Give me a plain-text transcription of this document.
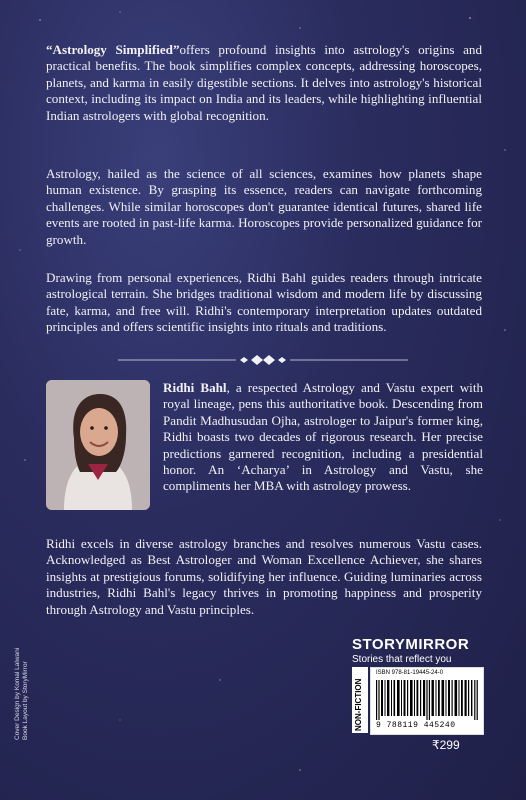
“Astrology Simplified”offers profound insights into astrology's origins and practical benefits. The book simplifies complex concepts, addressing horoscopes, planets, and karma in easily digestible sections. It delves into astrology's historical context, including its impact on India and its leaders, while highlighting influential Indian astrologers with global recognition.

Astrology, hailed as the science of all sciences, examines how planets shape human existence. By grasping its essence, readers can navigate forthcoming challenges. While similar horoscopes don't guarantee identical futures, shared life events are rooted in past-life karma. Horoscopes provide personalized guidance for growth.

Drawing from personal experiences, Ridhi Bahl guides readers through intricate astrological terrain. She bridges traditional wisdom and modern life by discussing fate, karma, and free will. Ridhi's contemporary interpretation updates outdated principles and offers scientific insights into rituals and traditions.

Ridhi Bahl, a respected Astrology and Vastu expert with royal lineage, pens this authoritative book. Descending from Pandit Madhusudan Ojha, astrologer to Jaipur's former king, Ridhi boasts two decades of rigorous research. Her precise predictions garnered recognition, including a presidential honor. An ‘Acharya’ in Astrology and Vastu, she compliments her MBA with astrology prowess.

Ridhi excels in diverse astrology branches and resolves numerous Vastu cases. Acknowledged as Best Astrologer and Woman Excellence Achiever, she shares insights at prestigious forums, solidifying her influence. Guiding luminaries across industries, Ridhi Bahl's legacy thrives in promoting happiness and prosperity through Astrology and Vastu principles.

STORYMIRROR
Stories that reflect you
NON-FICTION
ISBN 978-81-19445-24-0
9 788119 445240
₹299
Cover Design by Komal Lalwani Book Layout by StoryMirror
